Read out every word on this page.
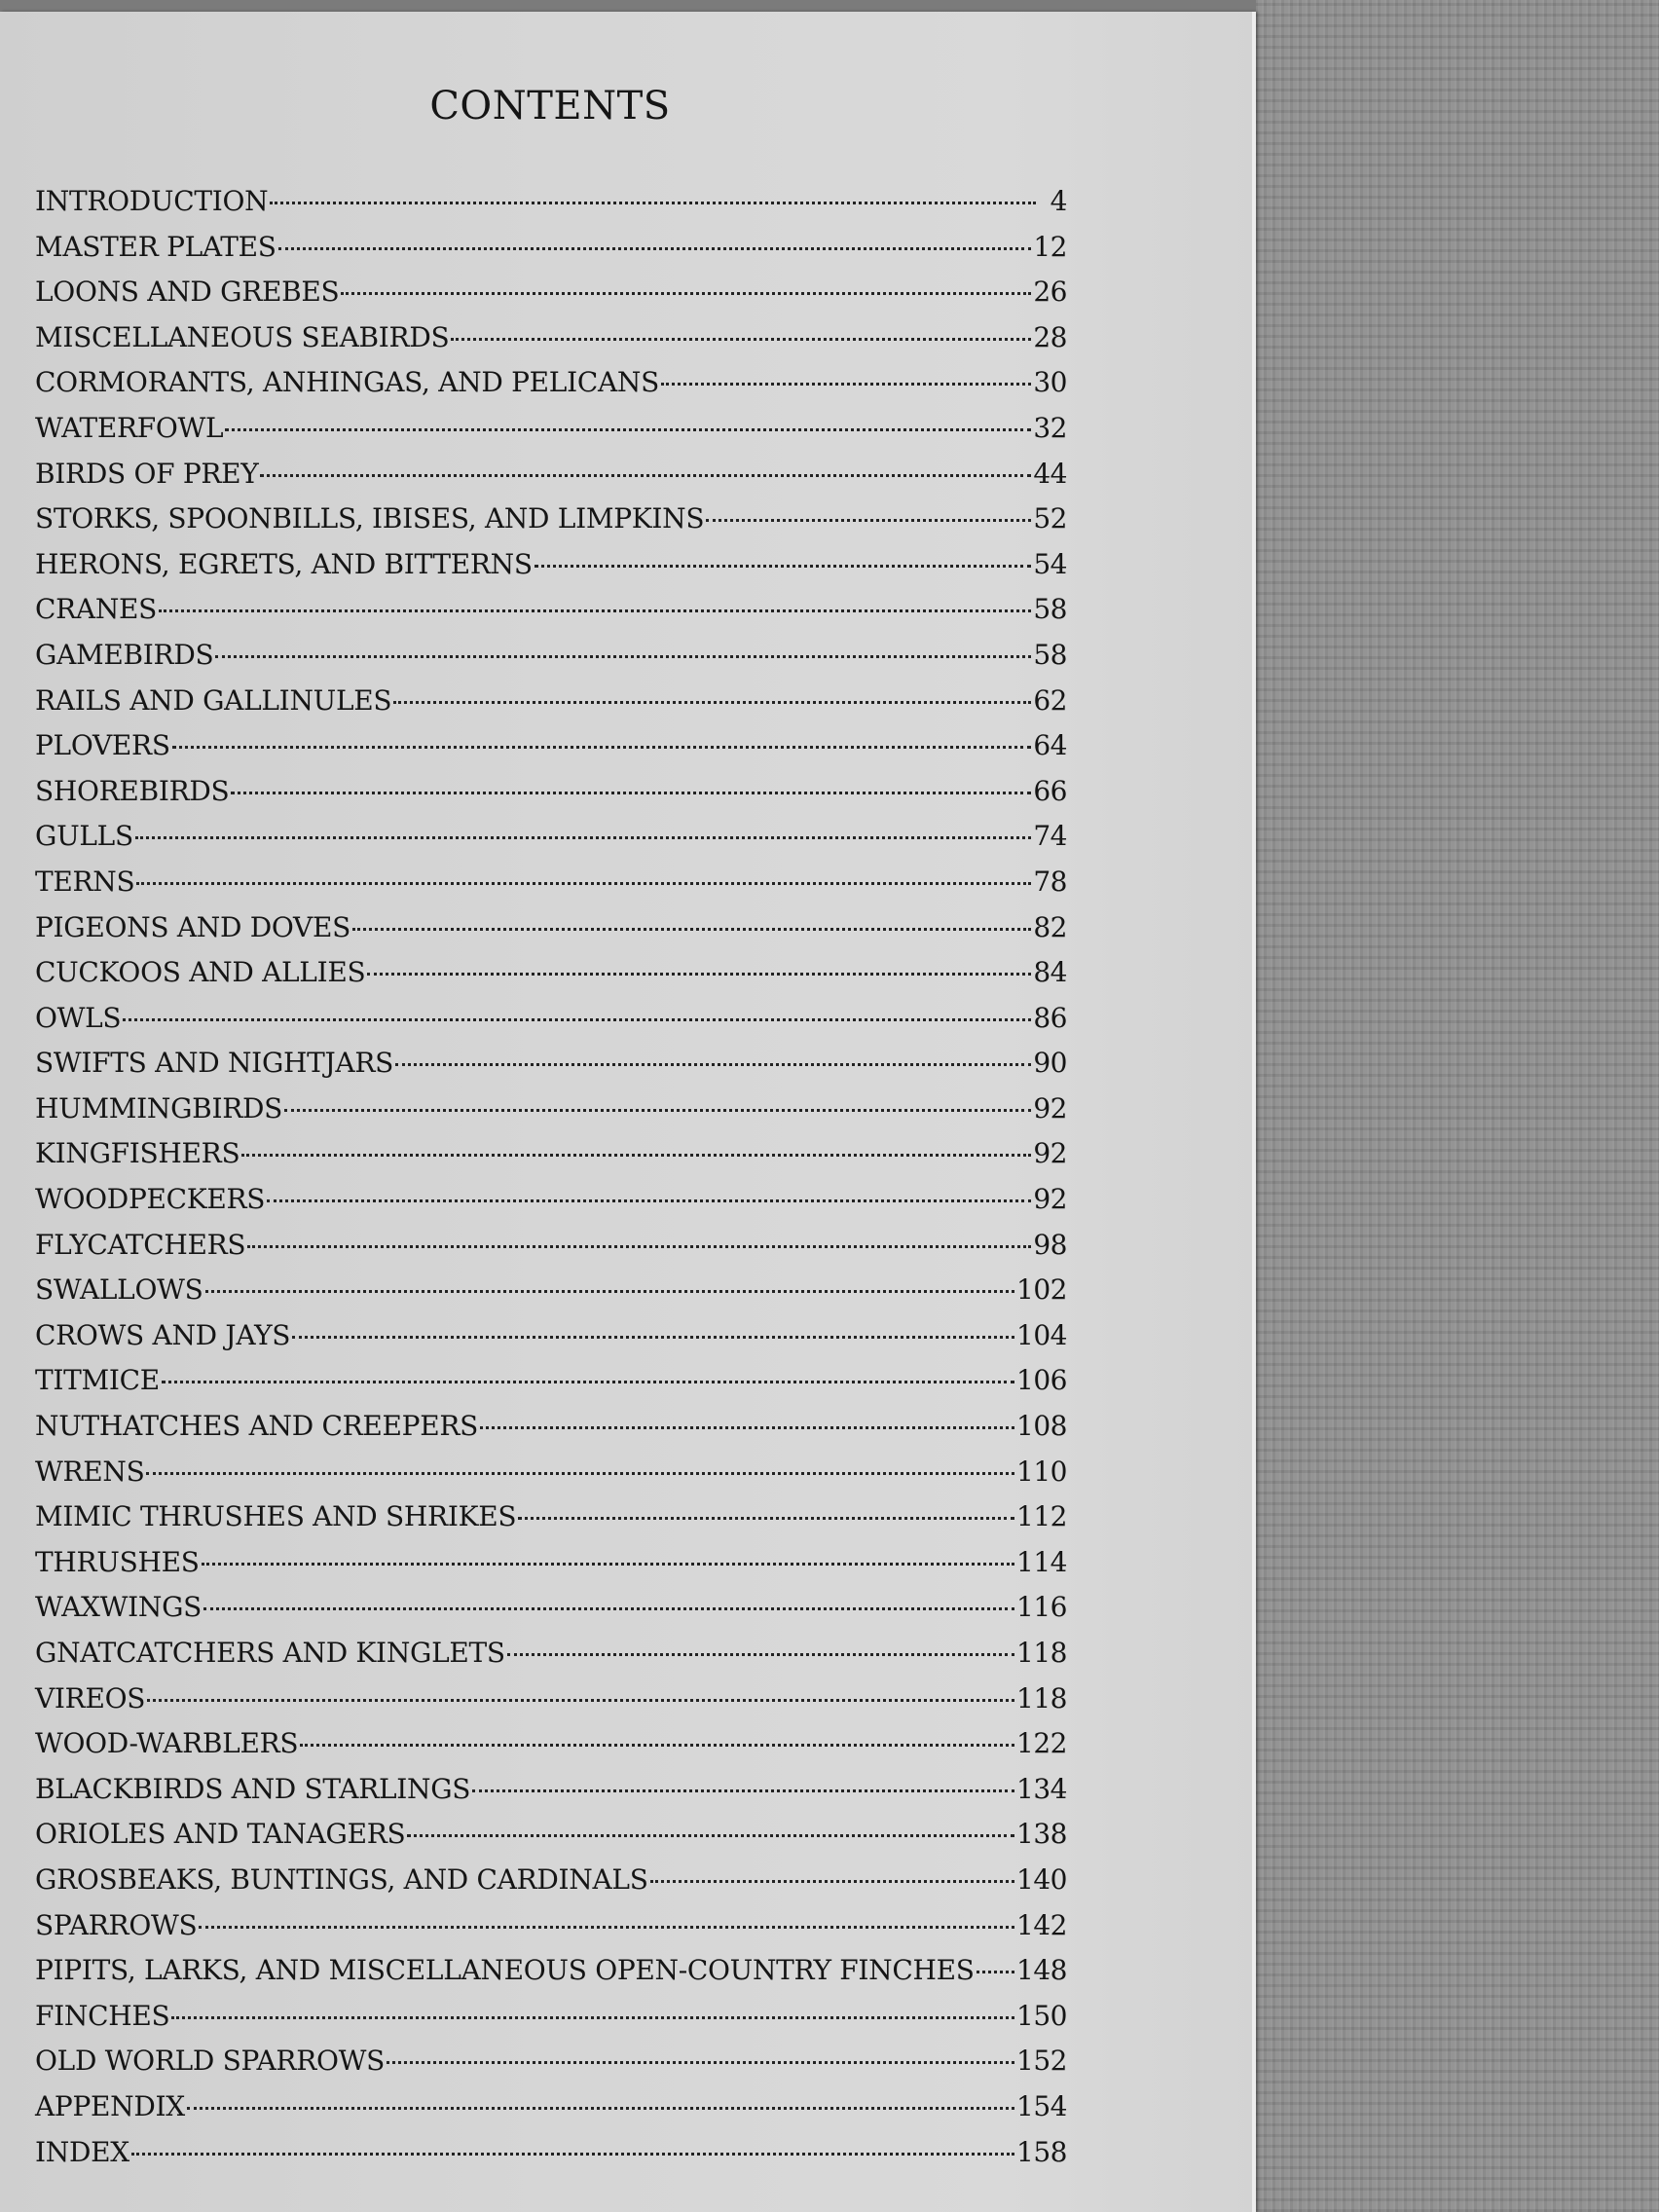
CONTENTS
INTRODUCTION	4
MASTER PLATES	12
LOONS AND GREBES	26
MISCELLANEOUS SEABIRDS	28
CORMORANTS, ANHINGAS, AND PELICANS	30
WATERFOWL	32
BIRDS OF PREY	44
STORKS, SPOONBILLS, IBISES, AND LIMPKINS	52
HERONS, EGRETS, AND BITTERNS	54
CRANES	58
GAMEBIRDS	58
RAILS AND GALLINULES	62
PLOVERS	64
SHOREBIRDS	66
GULLS	74
TERNS	78
PIGEONS AND DOVES	82
CUCKOOS AND ALLIES	84
OWLS	86
SWIFTS AND NIGHTJARS	90
HUMMINGBIRDS	92
KINGFISHERS	92
WOODPECKERS	92
FLYCATCHERS	98
SWALLOWS	102
CROWS AND JAYS	104
TITMICE	106
NUTHATCHES AND CREEPERS	108
WRENS	110
MIMIC THRUSHES AND SHRIKES	112
THRUSHES	114
WAXWINGS	116
GNATCATCHERS AND KINGLETS	118
VIREOS	118
WOOD-WARBLERS	122
BLACKBIRDS AND STARLINGS	134
ORIOLES AND TANAGERS	138
GROSBEAKS, BUNTINGS, AND CARDINALS	140
SPARROWS	142
PIPITS, LARKS, AND MISCELLANEOUS OPEN-COUNTRY FINCHES 148
FINCHES	150
OLD WORLD SPARROWS	152
APPENDIX	154
INDEX	158
